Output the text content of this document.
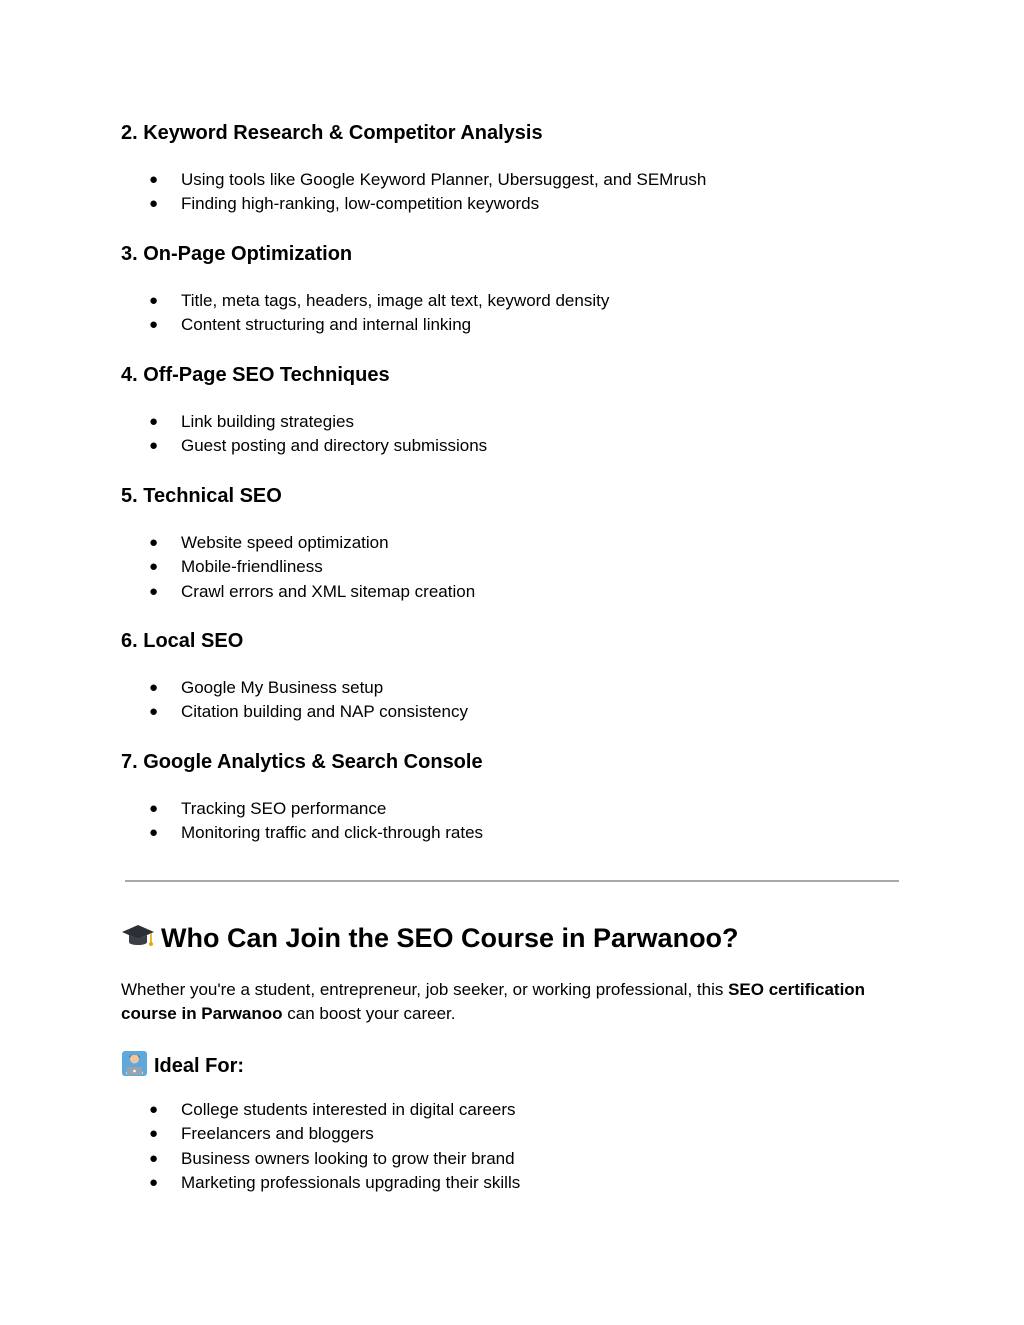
2. Keyword Research & Competitor Analysis
● Using tools like Google Keyword Planner, Ubersuggest, and SEMrush
● Finding high-ranking, low-competition keywords
3. On-Page Optimization
● Title, meta tags, headers, image alt text, keyword density
● Content structuring and internal linking
4. Off-Page SEO Techniques
● Link building strategies
● Guest posting and directory submissions
5. Technical SEO
● Website speed optimization
● Mobile-friendliness
● Crawl errors and XML sitemap creation
6. Local SEO
● Google My Business setup
● Citation building and NAP consistency
7. Google Analytics & Search Console
● Tracking SEO performance
● Monitoring traffic and click-through rates
Who Can Join the SEO Course in Parwanoo?

Whether you're a student, entrepreneur, job seeker, or working professional, this SEO certification course in Parwanoo can boost your career.

Ideal For:
● College students interested in digital careers
● Freelancers and bloggers
● Business owners looking to grow their brand
● Marketing professionals upgrading their skills
